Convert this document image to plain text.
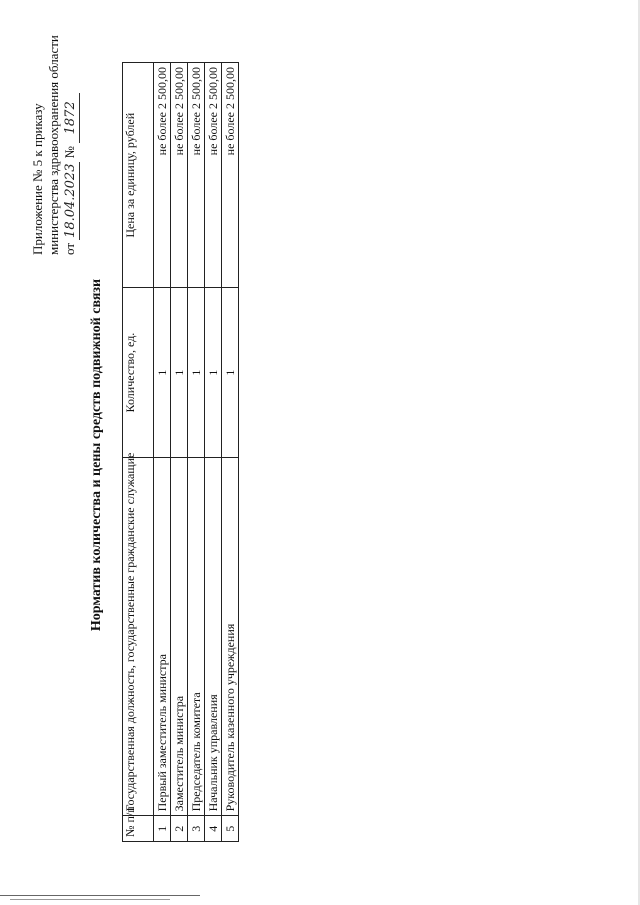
Приложение № 5 к приказу министерства здравоохранения области от 18.04.2023 № 1872
Норматив количества и цены средств подвижной связи
№ п/п	Государственная должность, государственные гражданские служащие	Количество, ед.	Цена за единицу, рублей
1	Первый заместитель министра	1	не более 2 500,00
2	Заместитель министра	1	не более 2 500,00
3	Председатель комитета	1	не более 2 500,00
4	Начальник управления	1	не более 2 500,00
5	Руководитель казенного учреждения	1	не более 2 500,00
